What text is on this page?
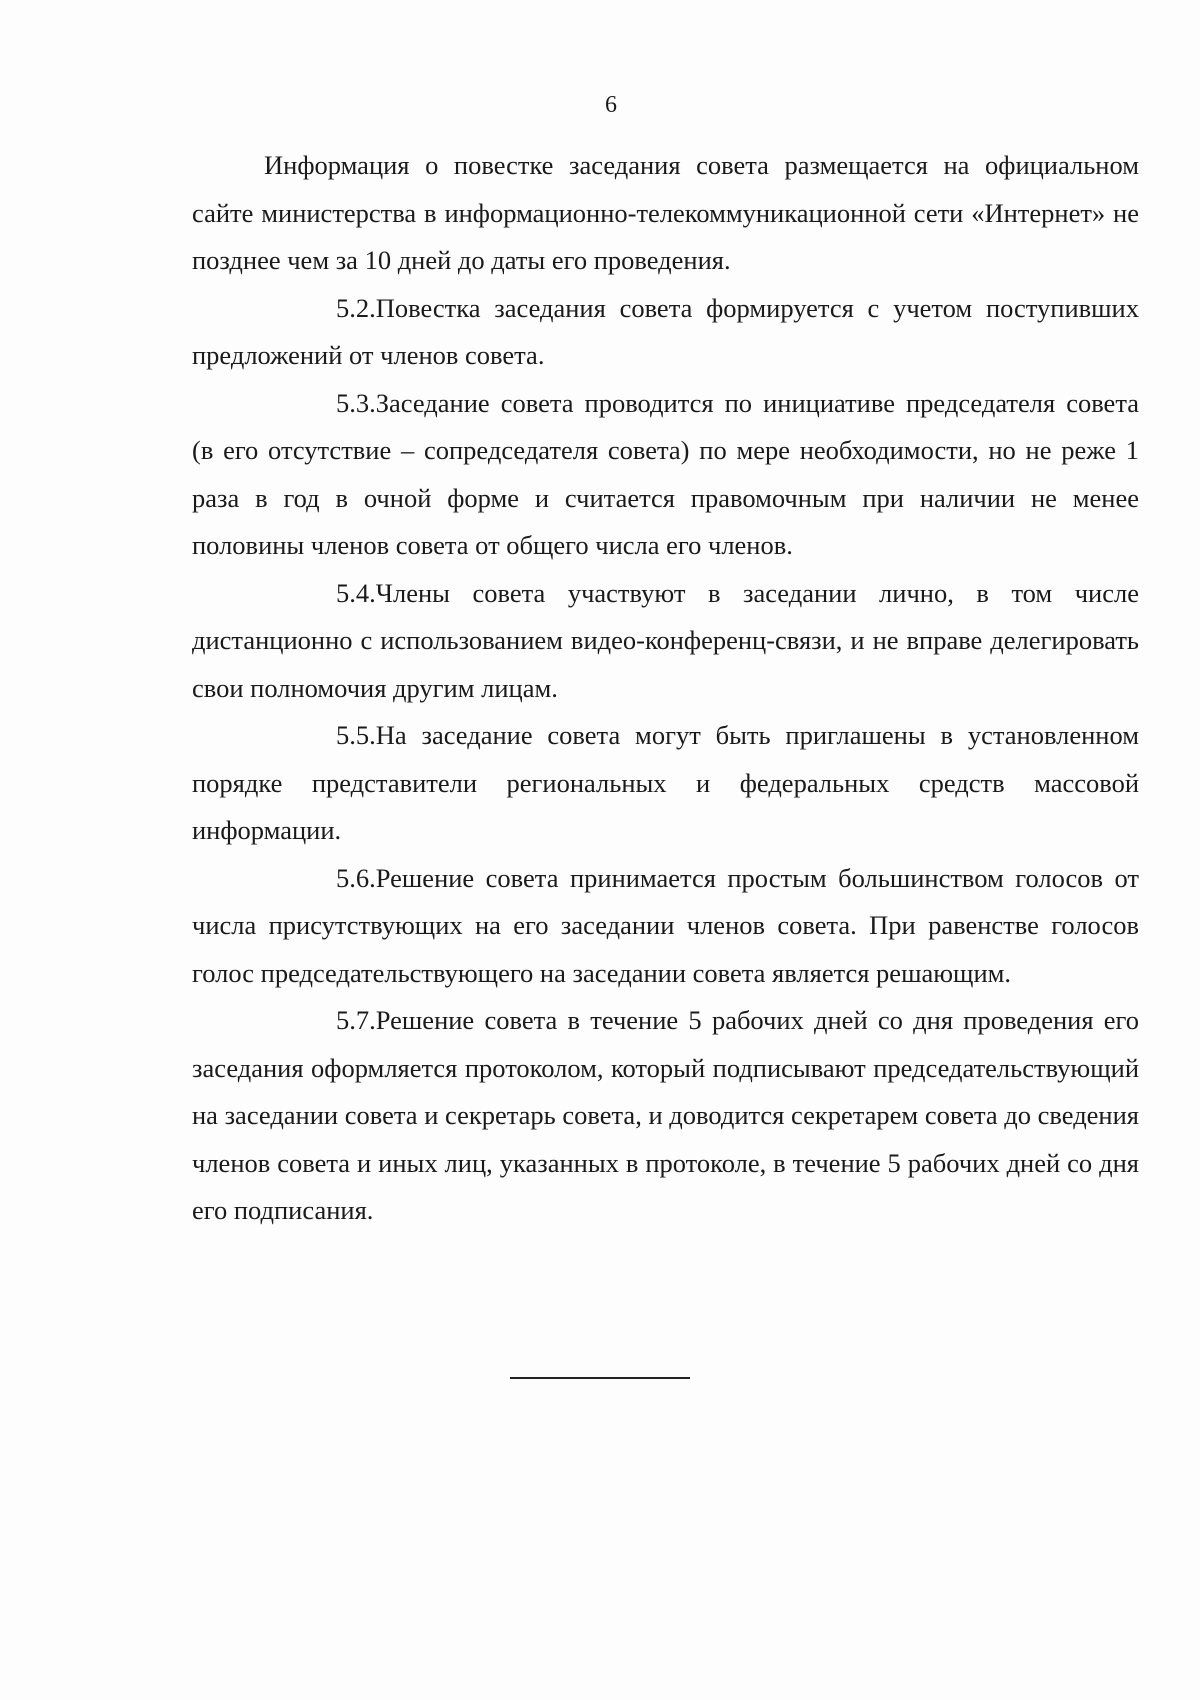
6

Информация о повестке заседания совета размещается на официальном сайте министерства в информационно-телекоммуникационной сети «Интернет» не позднее чем за 10 дней до даты его проведения.

5.2.Повестка заседания совета формируется с учетом поступивших предложений от членов совета.

5.3.Заседание совета проводится по инициативе председателя совета (в его отсутствие – сопредседателя совета) по мере необходимости, но не реже 1 раза в год в очной форме и считается правомочным при наличии не менее половины членов совета от общего числа его членов.

5.4.Члены совета участвуют в заседании лично, в том числе дистанционно с использованием видео-конференц-связи, и не вправе делегировать свои полномочия другим лицам.

5.5.На заседание совета могут быть приглашены в установленном порядке представители региональных и федеральных средств массовой информации.

5.6.Решение совета принимается простым большинством голосов от числа присутствующих на его заседании членов совета. При равенстве голосов голос председательствующего на заседании совета является решающим.

5.7.Решение совета в течение 5 рабочих дней со дня проведения его заседания оформляется протоколом, который подписывают председательствующий на заседании совета и секретарь совета, и доводится секретарем совета до сведения членов совета и иных лиц, указанных в протоколе, в течение 5 рабочих дней со дня его подписания.
